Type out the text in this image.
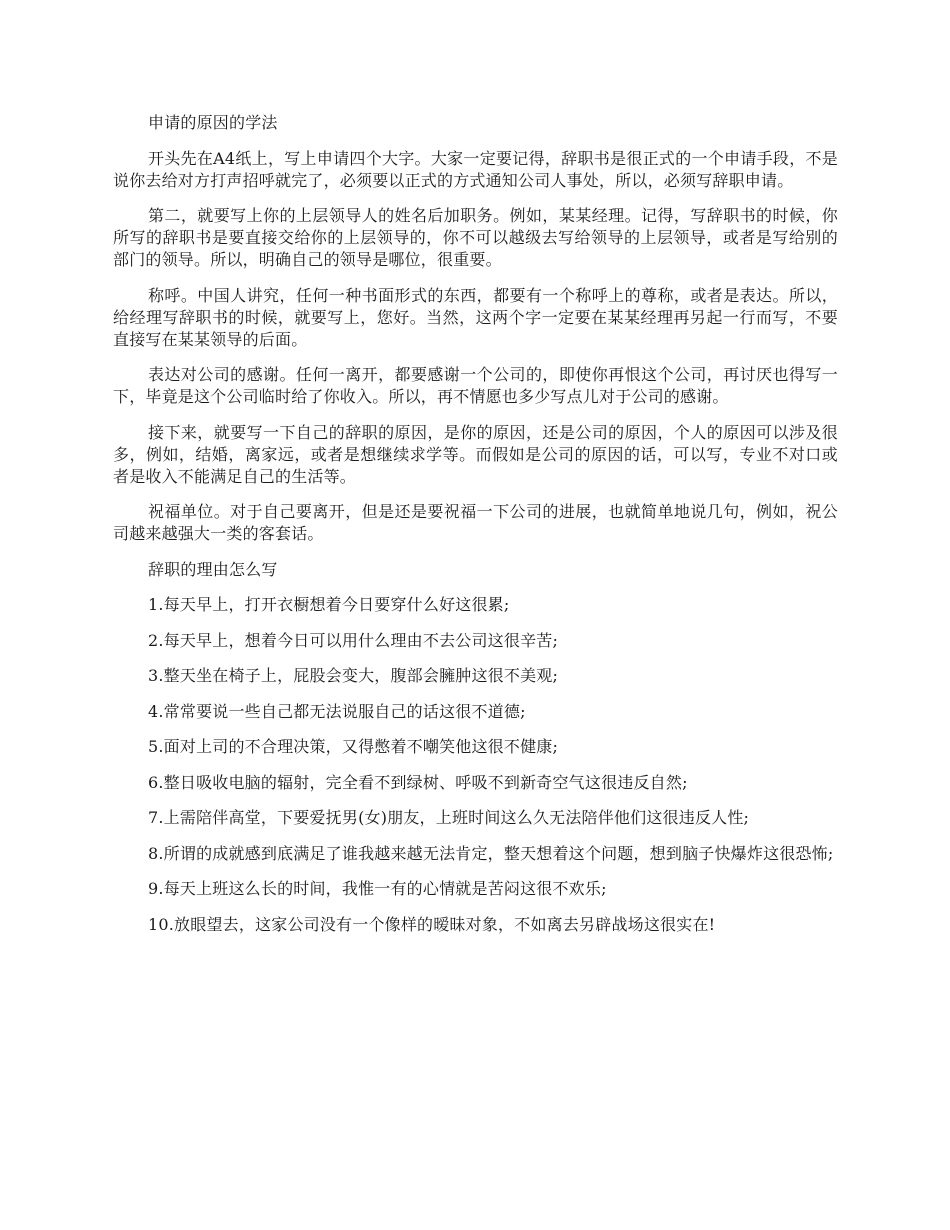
申请的原因的学法

开头先在A4纸上，写上申请四个大字。大家一定要记得，辞职书是很正式的一个申请手段，不是说你去给对方打声招呼就完了，必须要以正式的方式通知公司人事处，所以，必须写辞职申请。

第二，就要写上你的上层领导人的姓名后加职务。例如，某某经理。记得，写辞职书的时候，你所写的辞职书是要直接交给你的上层领导的，你不可以越级去写给领导的上层领导，或者是写给别的部门的领导。所以，明确自己的领导是哪位，很重要。

称呼。中国人讲究，任何一种书面形式的东西，都要有一个称呼上的尊称，或者是表达。所以，给经理写辞职书的时候，就要写上，您好。当然，这两个字一定要在某某经理再另起一行而写，不要直接写在某某领导的后面。

表达对公司的感谢。任何一离开，都要感谢一个公司的，即使你再恨这个公司，再讨厌也得写一下，毕竟是这个公司临时给了你收入。所以，再不情愿也多少写点儿对于公司的感谢。

接下来，就要写一下自己的辞职的原因，是你的原因，还是公司的原因，个人的原因可以涉及很多，例如，结婚，离家远，或者是想继续求学等。而假如是公司的原因的话，可以写，专业不对口或者是收入不能满足自己的生活等。

祝福单位。对于自己要离开，但是还是要祝福一下公司的进展，也就简单地说几句，例如，祝公司越来越强大一类的客套话。

辞职的理由怎么写

1.每天早上，打开衣橱想着今日要穿什么好这很累;

2.每天早上，想着今日可以用什么理由不去公司这很辛苦;

3.整天坐在椅子上，屁股会变大，腹部会臃肿这很不美观;

4.常常要说一些自己都无法说服自己的话这很不道德;

5.面对上司的不合理决策，又得憋着不嘲笑他这很不健康;

6.整日吸收电脑的辐射，完全看不到绿树、呼吸不到新奇空气这很违反自然;

7.上需陪伴高堂，下要爱抚男(女)朋友，上班时间这么久无法陪伴他们这很违反人性;

8.所谓的成就感到底满足了谁我越来越无法肯定，整天想着这个问题，想到脑子快爆炸这很恐怖;

9.每天上班这么长的时间，我惟一有的心情就是苦闷这很不欢乐;

10.放眼望去，这家公司没有一个像样的暧昧对象，不如离去另辟战场这很实在!
